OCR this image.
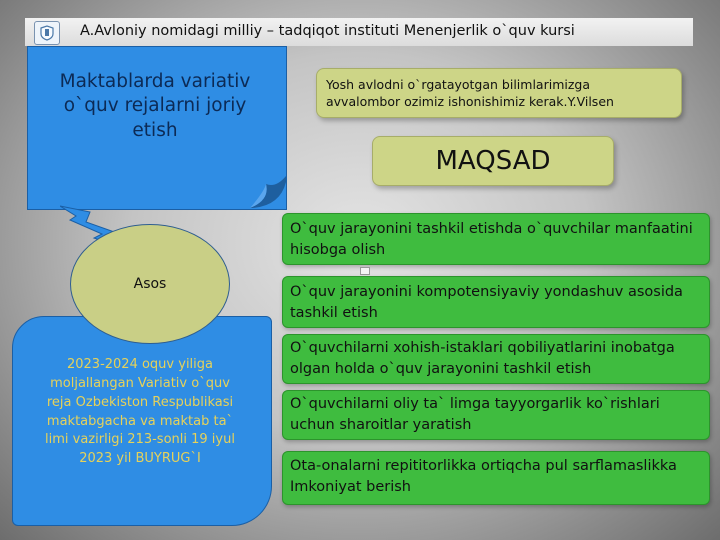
A.Avloniy nomidagi milliy – tadqiqot instituti Menenjerlik o`quv kursi
Maktablarda variativ
o`quv rejalarni joriy
etish
2023-2024 oquv yiliga
moljallangan Variativ o`quv
reja Ozbekiston Respublikasi
maktabgacha va maktab ta`
limi vazirligi 213-sonli 19 iyul
2023 yil BUYRUG`I
Asos
Yosh avlodni o`rgatayotgan bilimlarimizga
avvalombor ozimiz ishonishimiz kerak.Y.Vilsen
MAQSAD
O`quv jarayonini tashkil etishda o`quvchilar manfaatini
hisobga olish
O`quv jarayonini kompotensiyaviy yondashuv asosida
tashkil etish
O`quvchilarni xohish-istaklari qobiliyatlarini inobatga
olgan holda o`quv jarayonini tashkil etish
O`quvchilarni oliy ta` limga tayyorgarlik ko`rishlari
uchun sharoitlar yaratish
Ota-onalarni repititorlikka ortiqcha pul sarflamaslikka
Imkoniyat berish
